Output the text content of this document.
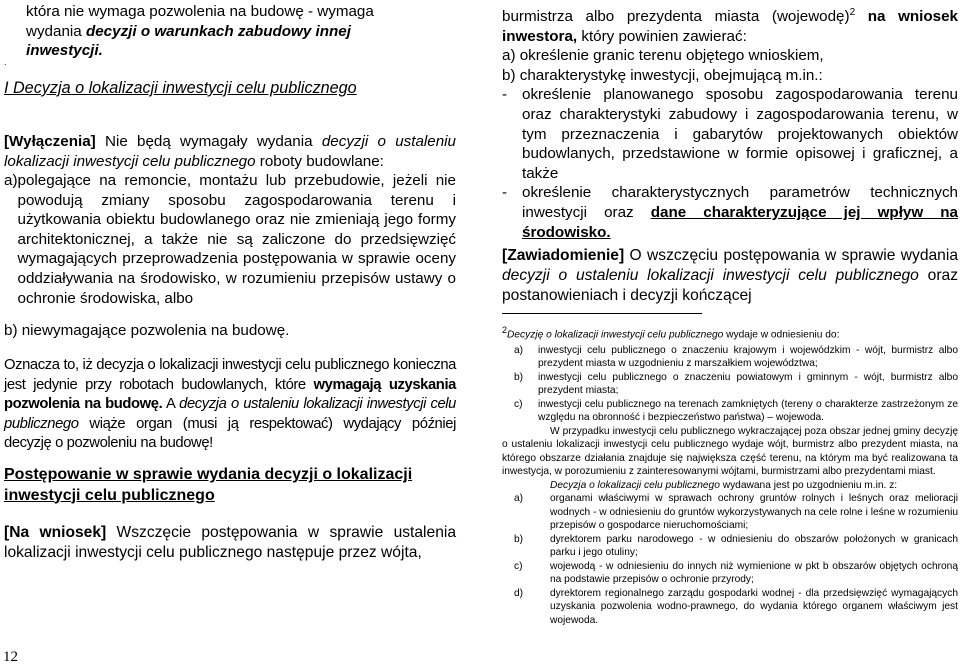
która nie wymaga pozwolenia na budowę - wymaga

wydania decyzji o warunkach zabudowy innej

inwestycji.

.
I Decyzja o lokalizacji inwestycji celu publicznego
[Wyłączenia] Nie będą wymagały wydania decyzji o ustaleniu lokalizacji inwestycji celu publicznego roboty budowlane:
a) polegające na remoncie, montażu lub przebudowie, jeżeli nie powodują zmiany sposobu zagospodarowania terenu i użytkowania obiektu budowlanego oraz nie zmieniają jego formy architektonicznej, a także nie są zaliczone do przedsięwzięć wymagających przeprowadzenia postępowania w sprawie oceny oddziaływania na środowisko, w rozumieniu przepisów ustawy o ochronie środowiska, albo
b) niewymagające pozwolenia na budowę.
Oznacza to, iż decyzja o lokalizacji inwestycji celu publicznego konieczna jest jedynie przy robotach budowlanych, które wymagają uzyskania pozwolenia na budowę. A decyzja o ustaleniu lokalizacji inwestycji celu publicznego wiąże organ (musi ją respektować) wydający później decyzję o pozwoleniu na budowę!
Postępowanie w sprawie wydania decyzji o lokalizacji inwestycji celu publicznego
[Na wniosek] Wszczęcie postępowania w sprawie ustalenia lokalizacji inwestycji celu publicznego następuje przez wójta,
12

burmistrza albo prezydenta miasta (wojewodę)$^2$ na wniosek inwestora, który powinien zawierać:

a) określenie granic terenu objętego wnioskiem,

b) charakterystykę inwestycji, obejmującą m.in.:

- określenie planowanego sposobu zagospodarowania terenu oraz charakterystyki zabudowy i zagospodarowania terenu, w tym przeznaczenia i gabarytów projektowanych obiektów budowlanych, przedstawione w formie opisowej i graficznej, a także
- określenie charakterystycznych parametrów technicznych inwestycji oraz dane charakteryzujące jej wpływ na środowisko.
[Zawiadomienie] O wszczęciu postępowania w sprawie wydania decyzji o ustaleniu lokalizacji inwestycji celu publicznego oraz postanowieniach i decyzji kończącej

$^2$Decyzję o lokalizacji inwestycji celu publicznego wydaje w odniesieniu do:

a)	inwestycji celu publicznego o znaczeniu krajowym i wojewódzkim - wójt, burmistrz albo prezydent miasta w uzgodnieniu z marszałkiem województwa;
b)	inwestycji celu publicznego o znaczeniu powiatowym i gminnym - wójt, burmistrz albo prezydent miasta;
c)	inwestycji celu publicznego na terenach zamkniętych (tereny o charakterze zastrzeżonym ze względu na obronność i bezpieczeństwo państwa) – wojewoda.

W przypadku inwestycji celu publicznego wykraczającej poza obszar jednej gminy decyzję o ustaleniu lokalizacji inwestycji celu publicznego wydaje wójt, burmistrz albo prezydent miasta, na którego obszarze działania znajduje się największa część terenu, na którym ma być realizowana ta inwestycja, w porozumieniu z zainteresowanymi wójtami, burmistrzami albo prezydentami miast.

Decyzja o lokalizacji celu publicznego wydawana jest po uzgodnieniu m.in. z:

a)	organami właściwymi w sprawach ochrony gruntów rolnych i leśnych oraz melioracji wodnych - w odniesieniu do gruntów wykorzystywanych na cele rolne i leśne w rozumieniu przepisów o gospodarce nieruchomościami;
b)	dyrektorem parku narodowego - w odniesieniu do obszarów położonych w granicach parku i jego otuliny;
c)	wojewodą - w odniesieniu do innych niż wymienione w pkt b obszarów objętych ochroną na podstawie przepisów o ochronie przyrody;
d)	dyrektorem regionalnego zarządu gospodarki wodnej - dla przedsięwzięć wymagających uzyskania pozwolenia wodno-prawnego, do wydania którego organem właściwym jest wojewoda.
